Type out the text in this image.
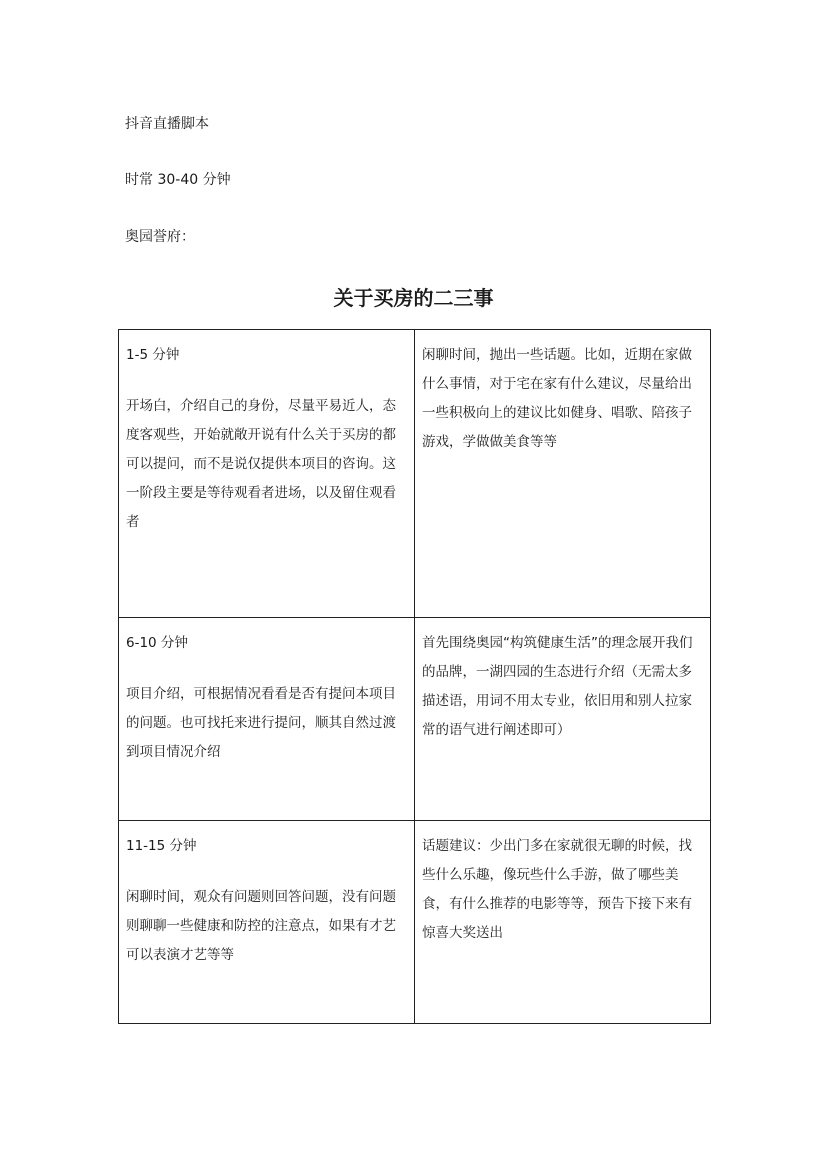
抖音直播脚本
时常 30-40 分钟
奥园誉府：
关于买房的二三事

1-5 分钟

开场白，介绍自己的身份，尽量平易近人，态度客观些，开始就敞开说有什么关于买房的都可以提问，而不是说仅提供本项目的咨询。这一阶段主要是等待观看者进场，以及留住观看者	闲聊时间，抛出一些话题。比如，近期在家做什么事情，对于宅在家有什么建议，尽量给出一些积极向上的建议比如健身、唱歌、陪孩子游戏，学做做美食等等

6-10 分钟

项目介绍，可根据情况看看是否有提问本项目的问题。也可找托来进行提问，顺其自然过渡到项目情况介绍	首先围绕奥园“构筑健康生活”的理念展开我们的品牌，一湖四园的生态进行介绍（无需太多描述语，用词不用太专业，依旧用和别人拉家常的语气进行阐述即可）

11-15 分钟

闲聊时间，观众有问题则回答问题，没有问题则聊聊一些健康和防控的注意点，如果有才艺可以表演才艺等等	话题建议：少出门多在家就很无聊的时候，找些什么乐趣，像玩些什么手游，做了哪些美食，有什么推荐的电影等等，预告下接下来有惊喜大奖送出
